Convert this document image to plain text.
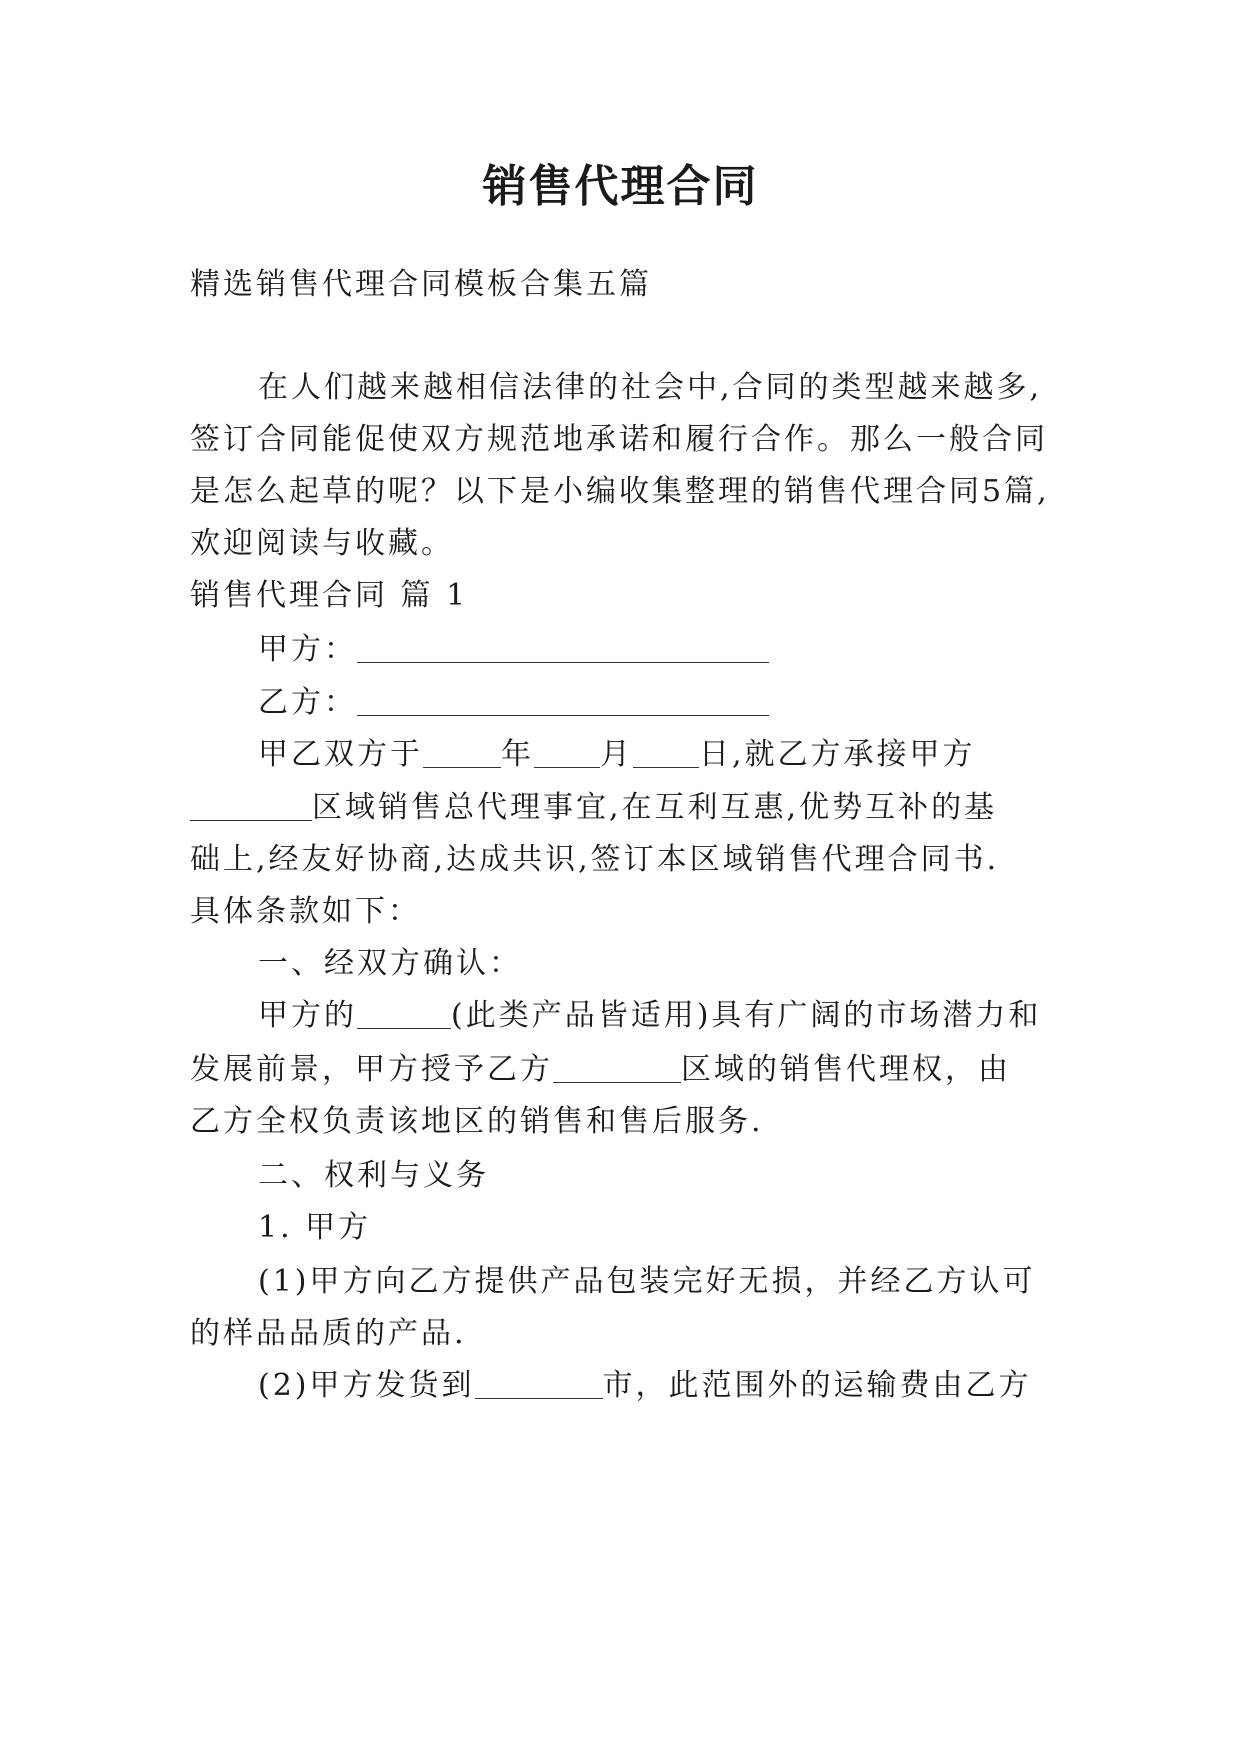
销售代理合同
精选销售代理合同模板合集五篇
在人们越来越相信法律的社会中,合同的类型越来越多,
签订合同能促使双方规范地承诺和履行合作。那么一般合同
是怎么起草的呢？以下是小编收集整理的销售代理合同5篇,
欢迎阅读与收藏。
销售代理合同 篇 1
甲方：
乙方：
甲乙双方于	年 月 日,就乙方承接甲方
区域销售总代理事宜,在互利互惠,优势互补的基
础上,经友好协商,达成共识,签订本区域销售代理合同书.
具体条款如下：
一、经双方确认：
甲方的	(此类产品皆适用)具有广阔的市场潜力和
发展前景，甲方授予乙方	区域的销售代理权，由
乙方全权负责该地区的销售和售后服务.
二、权利与义务
1. 甲方
(1)甲方向乙方提供产品包装完好无损，并经乙方认可
的样品品质的产品.
(2)甲方发货到	市，此范围外的运输费由乙方
